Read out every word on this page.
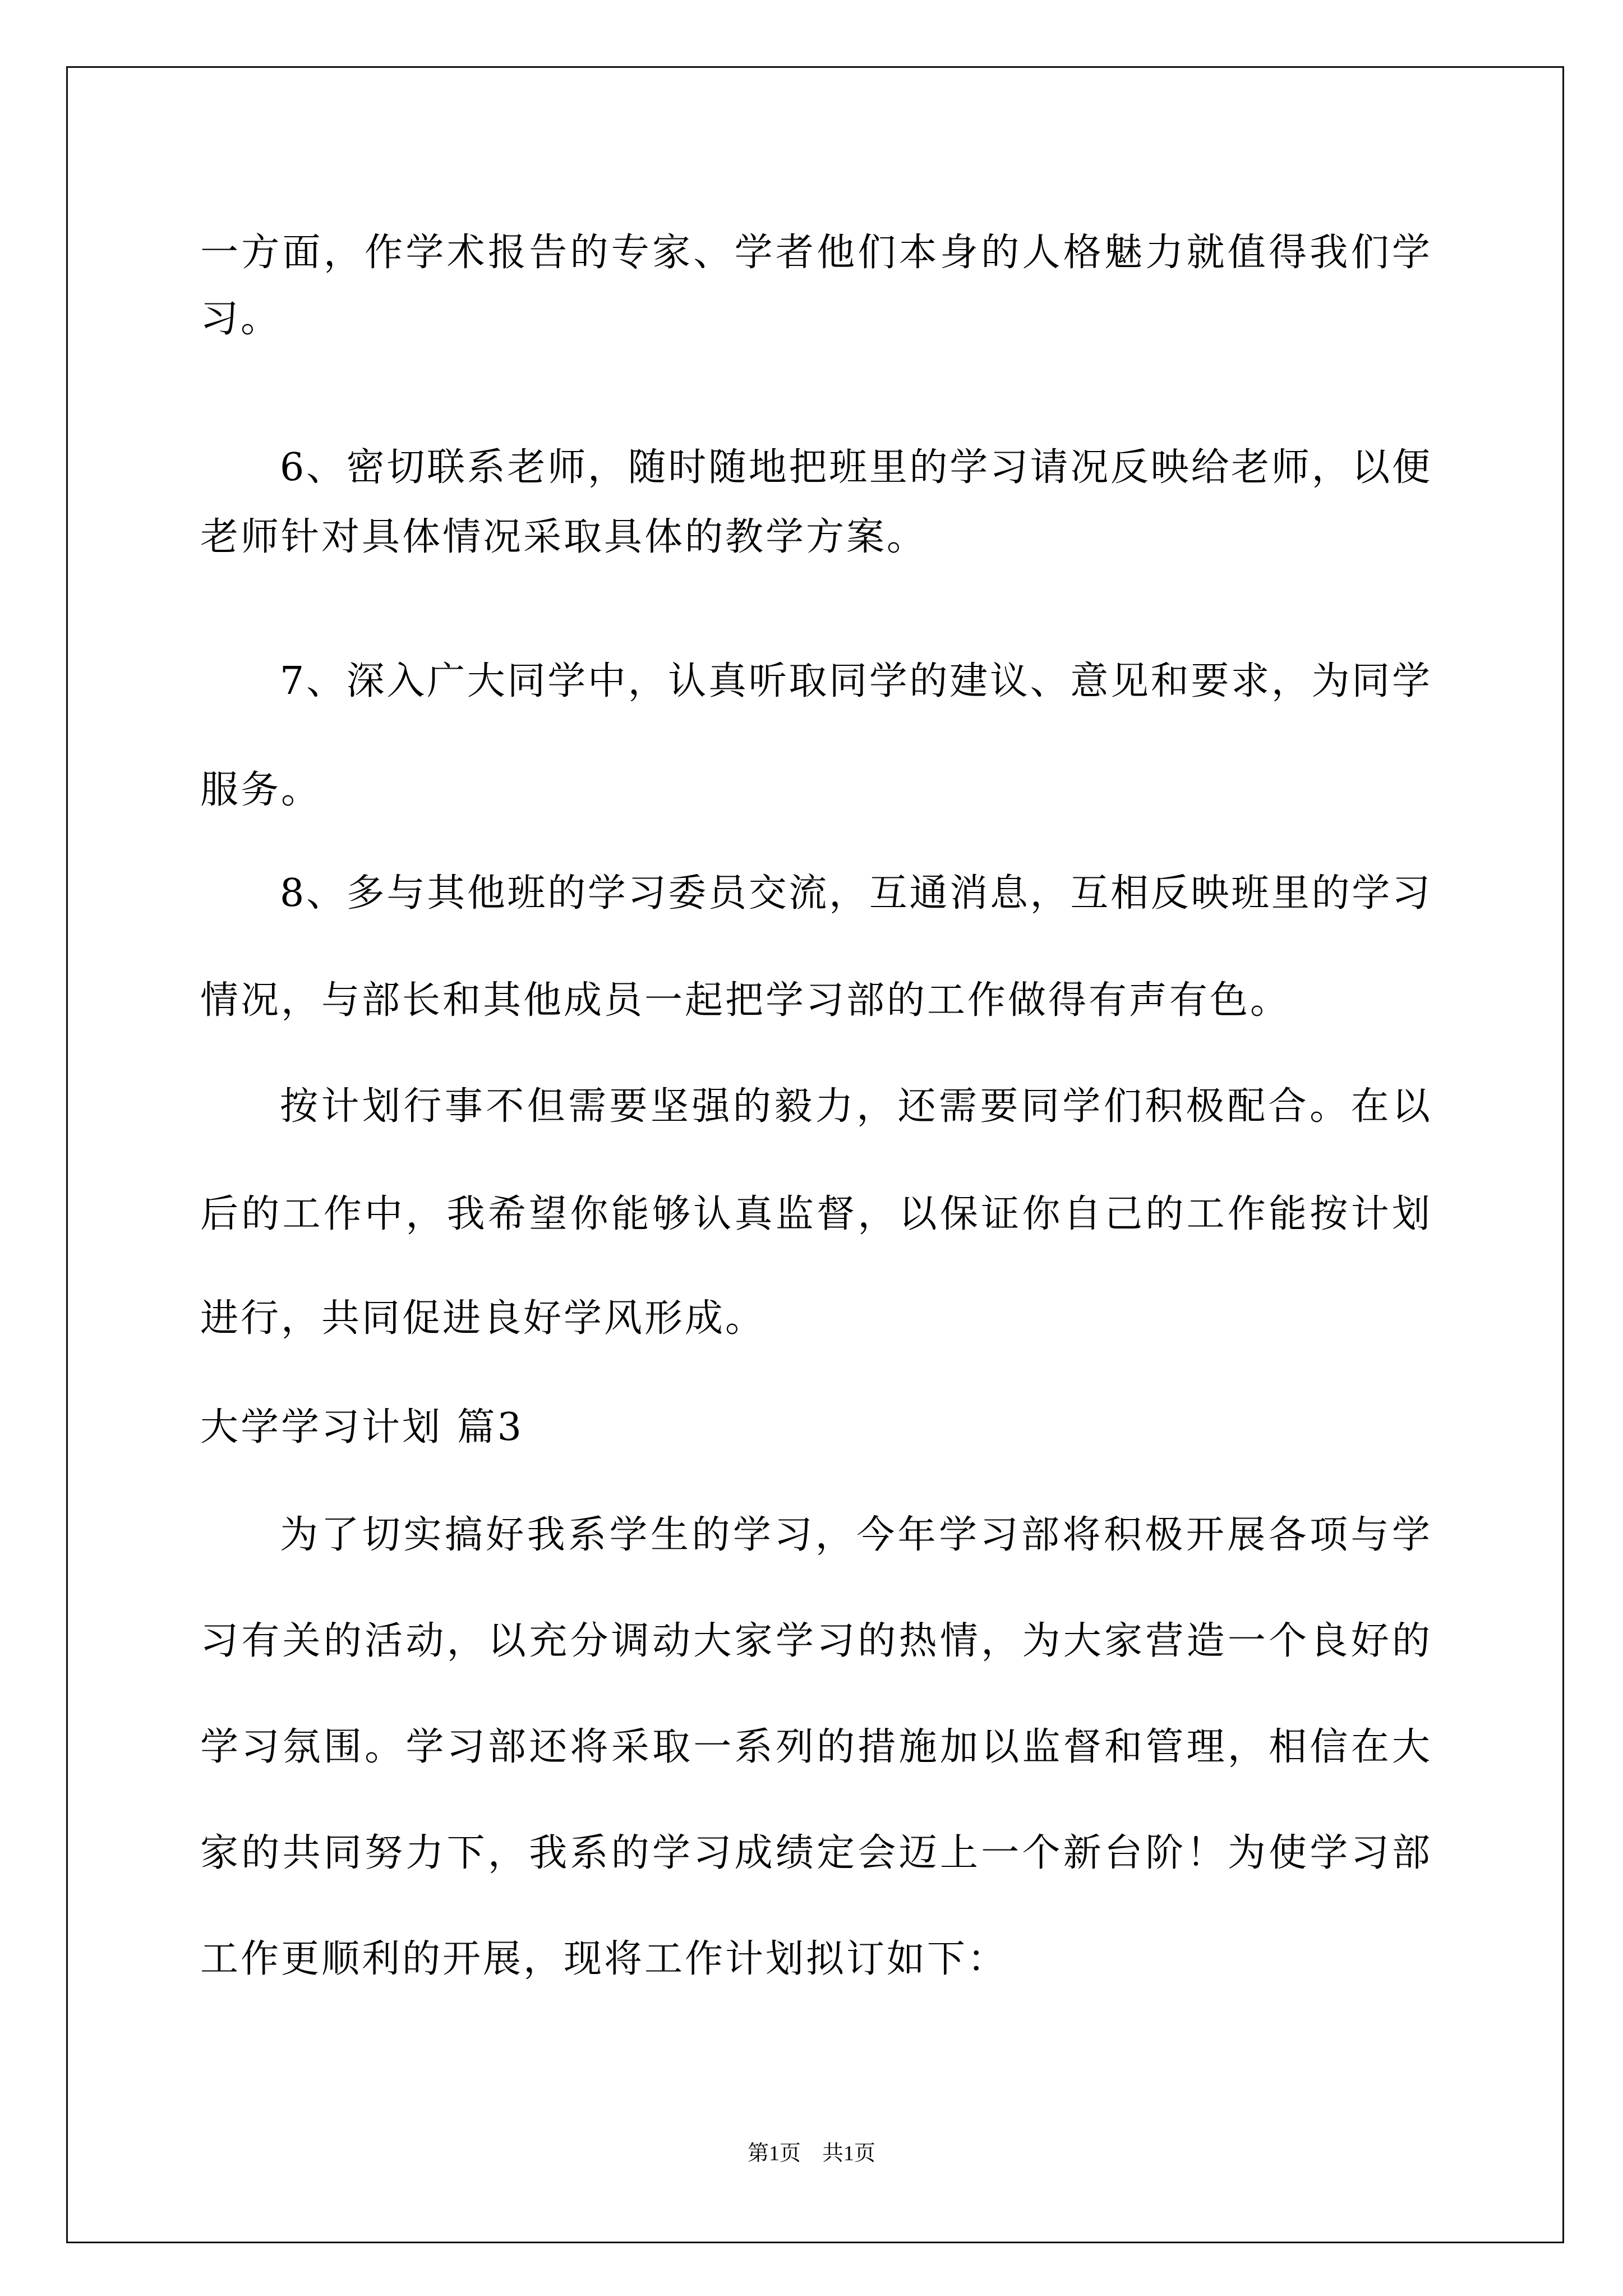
一方面，作学术报告的专家、学者他们本身的人格魅力就值得我们学
习。
6、密切联系老师，随时随地把班里的学习请况反映给老师，以便
老师针对具体情况采取具体的教学方案。
7、深入广大同学中，认真听取同学的建议、意见和要求，为同学
服务。
8、多与其他班的学习委员交流，互通消息，互相反映班里的学习
情况，与部长和其他成员一起把学习部的工作做得有声有色。
按计划行事不但需要坚强的毅力，还需要同学们积极配合。在以
后的工作中，我希望你能够认真监督，以保证你自己的工作能按计划
进行，共同促进良好学风形成。
大学学习计划 篇3
为了切实搞好我系学生的学习，今年学习部将积极开展各项与学
习有关的活动，以充分调动大家学习的热情，为大家营造一个良好的
学习氛围。学习部还将采取一系列的措施加以监督和管理，相信在大
家的共同努力下，我系的学习成绩定会迈上一个新台阶！为使学习部
工作更顺利的开展，现将工作计划拟订如下：
第1页　共1页
